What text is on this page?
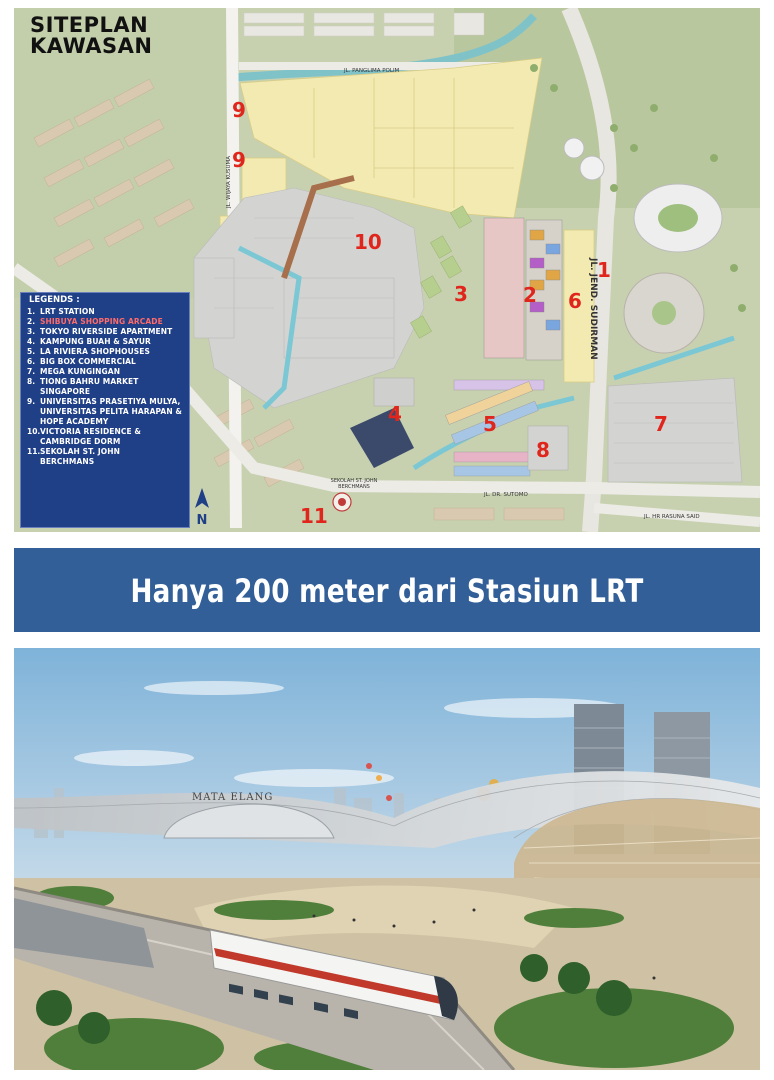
SITEPLAN
KAWASAN
JL. PANGLIMA POLIM
JL. JEND. SUDIRMAN
JL. DR. SUTOMO
JL. HR RASUNA SAID
JL. WIJAYA KUSUMA
SEKOLAH ST. JOHN BERCHMANS
1
2
3
4	5
6
7
8
9
9
10
11
LEGENDS :
1. LRT STATION
2. SHIBUYA SHOPPING ARCADE
3. TOKYO RIVERSIDE APARTMENT
4. KAMPUNG BUAH & SAYUR
5. LA RIVIERA SHOPHOUSES
6. BIG BOX COMMERCIAL
7. MEGA KUNGINGAN
8. TIONG BAHRU MARKET
SINGAPORE
9. UNIVERSITAS PRASETIYA MULYA,
UNIVERSITAS PELITA HARAPAN &
HOPE ACADEMY
10. VICTORIA RESIDENCE &
CAMBRIDGE DORM
11. SEKOLAH ST. JOHN
BERCHMANS
N
Hanya 200 meter dari Stasiun LRT
MATA ELANG
